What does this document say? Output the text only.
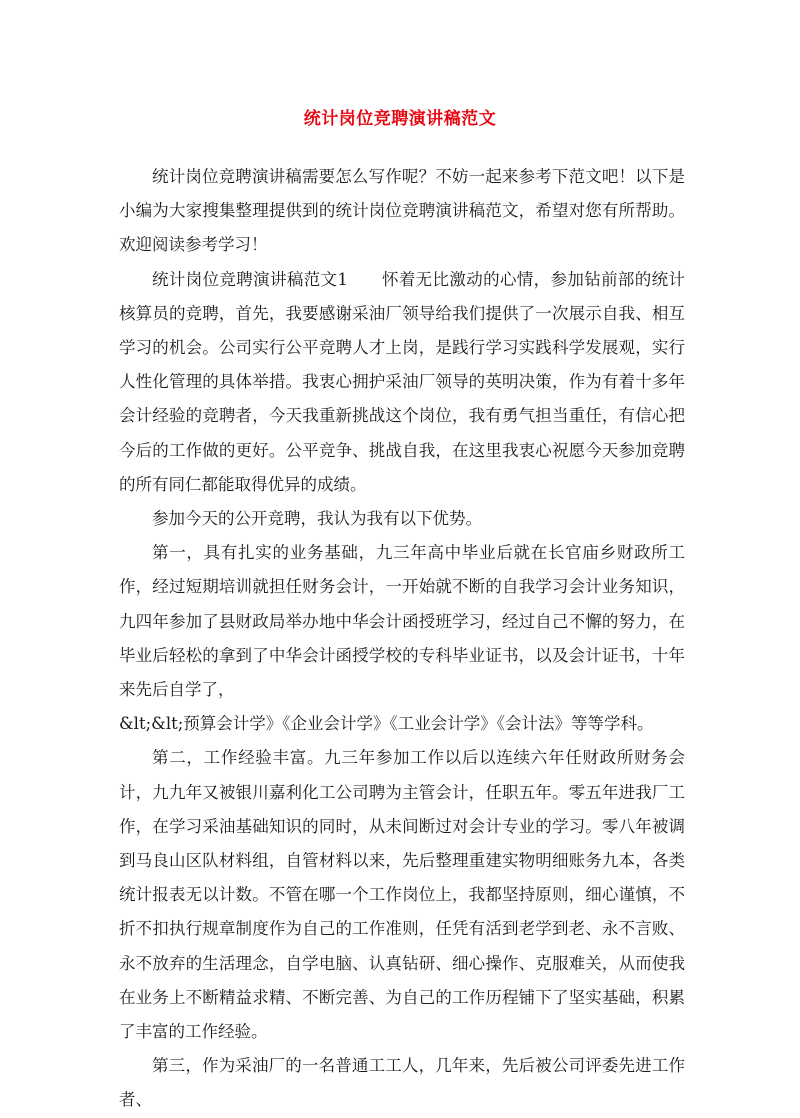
统计岗位竞聘演讲稿范文

统计岗位竞聘演讲稿需要怎么写作呢？不妨一起来参考下范文吧！以下是小编为大家搜集整理提供到的统计岗位竞聘演讲稿范文，希望对您有所帮助。欢迎阅读参考学习！

统计岗位竞聘演讲稿范文1　　怀着无比激动的心情，参加钻前部的统计核算员的竞聘，首先，我要感谢采油厂领导给我们提供了一次展示自我、相互学习的机会。公司实行公平竞聘人才上岗，是践行学习实践科学发展观，实行人性化管理的具体举措。我衷心拥护采油厂领导的英明决策，作为有着十多年会计经验的竞聘者，今天我重新挑战这个岗位，我有勇气担当重任，有信心把今后的工作做的更好。公平竞争、挑战自我，在这里我衷心祝愿今天参加竞聘的所有同仁都能取得优异的成绩。

参加今天的公开竞聘，我认为我有以下优势。

第一，具有扎实的业务基础，九三年高中毕业后就在长官庙乡财政所工作，经过短期培训就担任财务会计，一开始就不断的自我学习会计业务知识，九四年参加了县财政局举办地中华会计函授班学习，经过自己不懈的努力，在毕业后轻松的拿到了中华会计函授学校的专科毕业证书，以及会计证书，十年来先后自学了，

&lt;&lt;预算会计学》《企业会计学》《工业会计学》《会计法》等等学科。

第二，工作经验丰富。九三年参加工作以后以连续六年任财政所财务会计，九九年又被银川嘉利化工公司聘为主管会计，任职五年。零五年进我厂工作，在学习采油基础知识的同时，从未间断过对会计专业的学习。零八年被调到马良山区队材料组，自管材料以来，先后整理重建实物明细账务九本，各类统计报表无以计数。不管在哪一个工作岗位上，我都坚持原则，细心谨慎，不折不扣执行规章制度作为自己的工作准则，任凭有活到老学到老、永不言败、永不放弃的生活理念，自学电脑、认真钻研、细心操作、克服难关，从而使我在业务上不断精益求精、不断完善、为自己的工作历程铺下了坚实基础，积累了丰富的工作经验。

第三，作为采油厂的一名普通工工人，几年来，先后被公司评委先进工作者、
